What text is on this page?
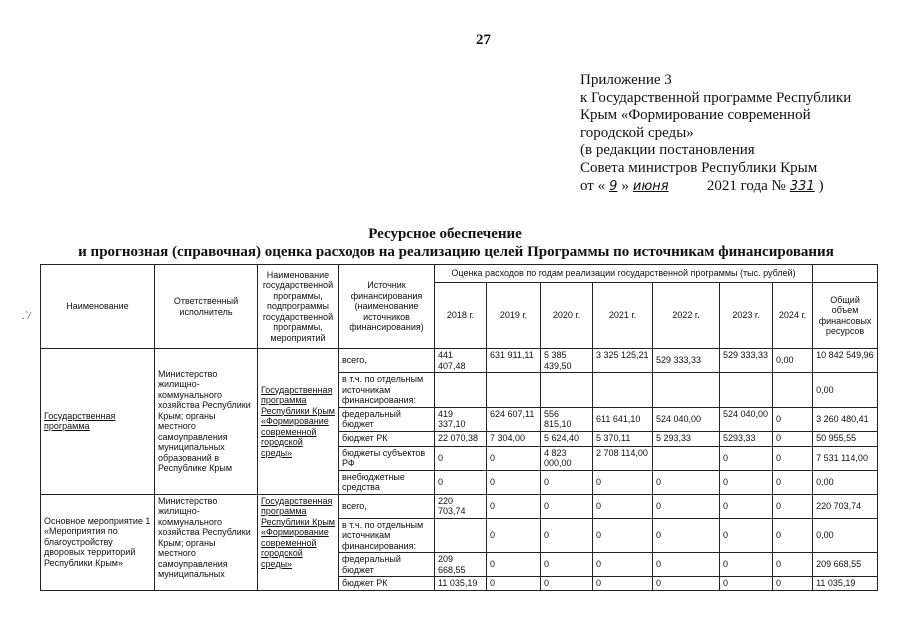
27
Приложение 3
к Государственной программе Республики
Крым «Формирование современной
городской среды»
(в редакции постановления
Совета министров Республики Крым
от « 9 » июня	2021 года № 331 )
Ресурсное обеспечение
и прогнозная (справочная) оценка расходов на реализацию целей Программы по источникам финансирования
.`/
Наименование	Ответственный исполнитель	Наименование государственной программы, подпрограммы государственной программы, мероприятий	Источник финансирования (наименование источников финансирования)	Оценка расходов по годам реализации государственной программы (тыс. рублей)							
				2018 г.	2019 г.	2020 г.	2021 г.	2022 г.	2023 г.	2024 г.	Общий объем финансовых ресурсов
Государственная программа	Министерство жилищно-коммунального хозяйства Республики Крым; органы местного самоуправления муниципальных образований в Республике Крым	Государственная программа Республики Крым «Формирование современной городской среды»	всего,	441 407,48	631 911,11	5 385 439,50	3 325 125,21	529 333,33	529 333,33	0,00	10 842 549,96
			в т.ч. по отдельным источникам финансирования:								0,00
			федеральный бюджет	419 337,10	624 607,11	556 815,10	611 641,10	524 040,00	524 040,00	0	3 260 480,41
			бюджет РК	22 070,38	7 304,00	5 624,40	5 370,11	5 293,33	5293,33	0	50 955,55
			бюджеты субъектов РФ	0	0	4 823 000,00	2 708 114,00		0	0	7 531 114,00
			внебюджетные средства	0	0	0	0	0	0	0	0,00
Основное мероприятие 1 «Мероприятия по благоустройству дворовых территорий Республики Крым»	Министерство жилищно-коммунального хозяйства Республики Крым; органы местного самоуправления муниципальных	Государственная программа Республики Крым «Формирование современной городской среды»	всего,	220 703,74	0	0	0	0	0	0	220 703,74
			в т.ч. по отдельным источникам финансирования:		0	0	0	0	0	0	0,00
			федеральный бюджет	209 668,55	0	0	0	0	0	0	209 668,55
			бюджет РК	11 035,19	0	0	0	0	0	0	11 035,19
